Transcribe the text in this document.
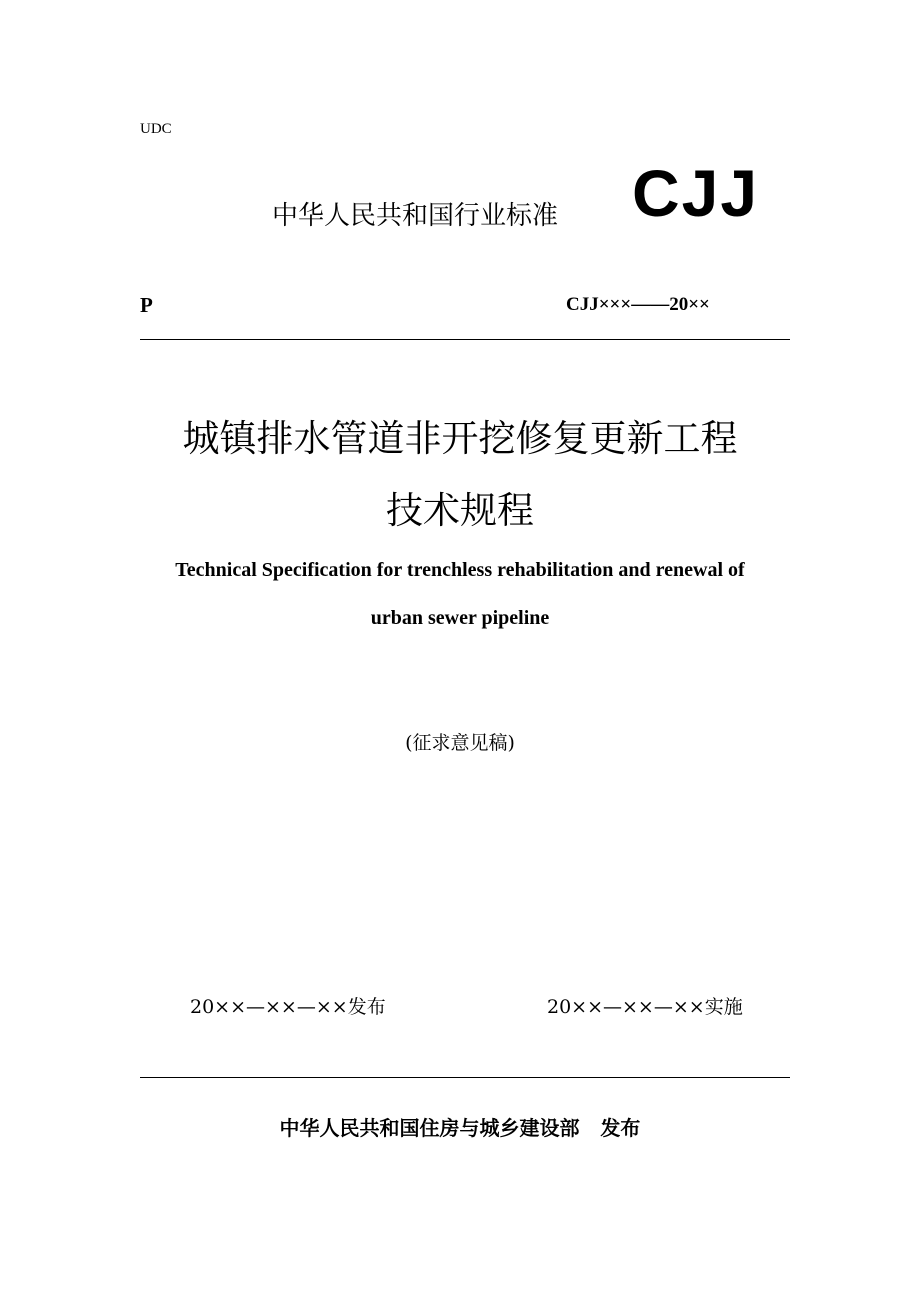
UDC
中华人民共和国行业标准 CJJ
P	CJJ×××——20××
城镇排水管道非开挖修复更新工程
技术规程
Technical Specification for trenchless rehabilitation and renewal of
urban sewer pipeline
(征求意见稿)
20××—××—××发布	20××—××—××实施
中华人民共和国住房与城乡建设部   发布
